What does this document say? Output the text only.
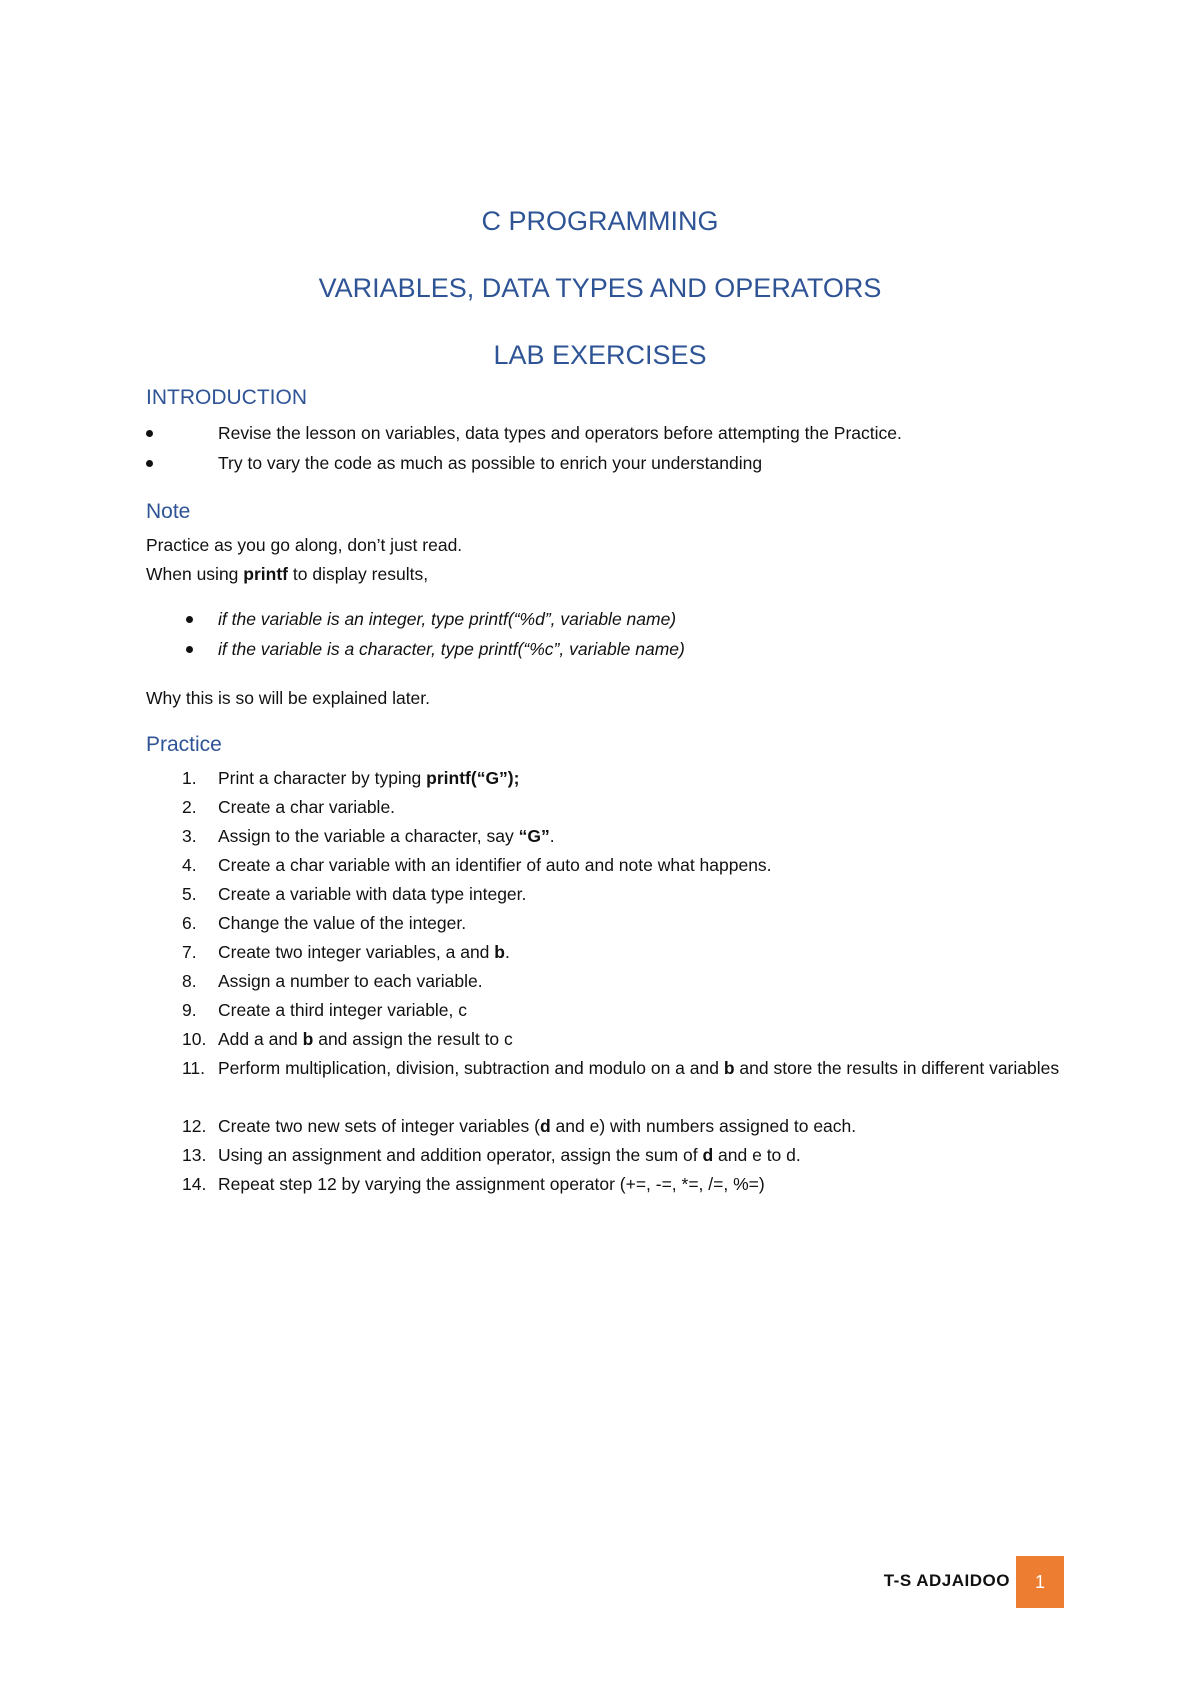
C PROGRAMMING
VARIABLES, DATA TYPES AND OPERATORS
LAB EXERCISES
INTRODUCTION
Revise the lesson on variables, data types and operators before attempting the Practice.
Try to vary the code as much as possible to enrich your understanding
Note

Practice as you go along, don’t just read.

When using printf to display results,

if the variable is an integer, type printf(“%d”, variable name)
if the variable is a character, type printf(“%c”, variable name)

Why this is so will be explained later.

Practice
1.	Print a character by typing printf(“G”);
2.	Create a char variable.
3.	Assign to the variable a character, say “G”.
4.	Create a char variable with an identifier of auto and note what happens.
5.	Create a variable with data type integer.
6.	Change the value of the integer.
7.	Create two integer variables, a and b.
8.	Assign a number to each variable.
9.	Create a third integer variable, c
10. Add a and b and assign the result to c
11. Perform multiplication, division, subtraction and modulo on a and b and store the results in different variables
12. Create two new sets of integer variables (d and e) with numbers assigned to each.
13. Using an assignment and addition operator, assign the sum of d and e to d.
14. Repeat step 12 by varying the assignment operator (+=, -=, *=, /=, %=)
T-S ADJAIDOO	1
